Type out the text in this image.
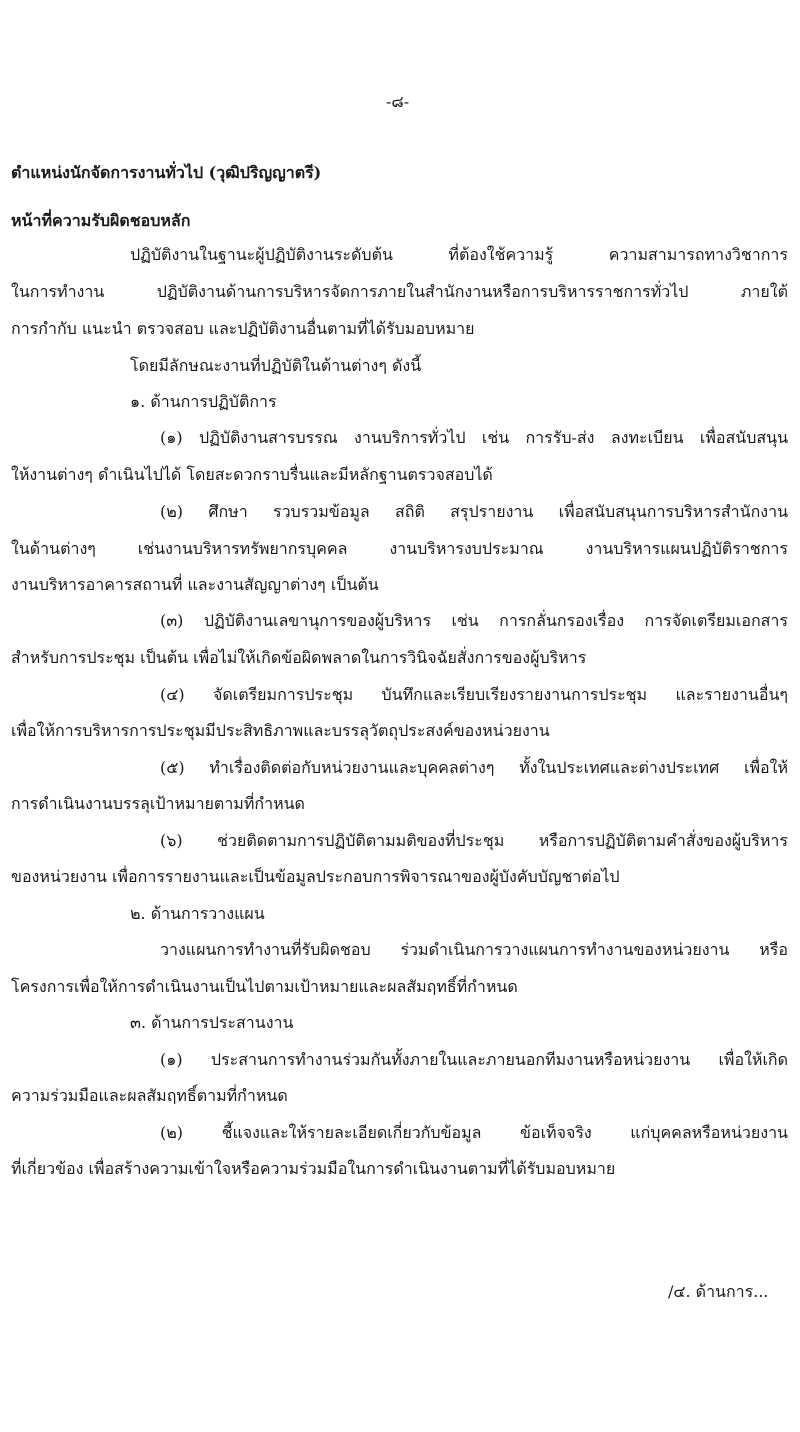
-๘-
ตำแหน่งนักจัดการงานทั่วไป (วุฒิปริญญาตรี)
หน้าที่ความรับผิดชอบหลัก
ปฏิบัติงานในฐานะผู้ปฏิบัติงานระดับต้น ที่ต้องใช้ความรู้ ความสามารถทางวิชาการ
ในการทำงาน ปฏิบัติงานด้านการบริหารจัดการภายในสำนักงานหรือการบริหารราชการทั่วไป ภายใต้
การกำกับ แนะนำ ตรวจสอบ และปฏิบัติงานอื่นตามที่ได้รับมอบหมาย
โดยมีลักษณะงานที่ปฏิบัติในด้านต่างๆ ดังนี้
๑. ด้านการปฏิบัติการ
(๑) ปฏิบัติงานสารบรรณ งานบริการทั่วไป เช่น การรับ-ส่ง ลงทะเบียน เพื่อสนับสนุน
ให้งานต่างๆ ดำเนินไปได้ โดยสะดวกราบรื่นและมีหลักฐานตรวจสอบได้
(๒) ศึกษา รวบรวมข้อมูล สถิติ สรุปรายงาน เพื่อสนับสนุนการบริหารสำนักงาน
ในด้านต่างๆ เช่นงานบริหารทรัพยากรบุคคล งานบริหารงบประมาณ งานบริหารแผนปฏิบัติราชการ
งานบริหารอาคารสถานที่ และงานสัญญาต่างๆ เป็นต้น
(๓) ปฏิบัติงานเลขานุการของผู้บริหาร เช่น การกลั่นกรองเรื่อง การจัดเตรียมเอกสาร
สำหรับการประชุม เป็นต้น เพื่อไม่ให้เกิดข้อผิดพลาดในการวินิจฉัยสั่งการของผู้บริหาร
(๔) จัดเตรียมการประชุม บันทึกและเรียบเรียงรายงานการประชุม และรายงานอื่นๆ
เพื่อให้การบริหารการประชุมมีประสิทธิภาพและบรรลุวัตถุประสงค์ของหน่วยงาน
(๕) ทำเรื่องติดต่อกับหน่วยงานและบุคคลต่างๆ ทั้งในประเทศและต่างประเทศ เพื่อให้
การดำเนินงานบรรลุเป้าหมายตามที่กำหนด
(๖) ช่วยติดตามการปฏิบัติตามมติของที่ประชุม หรือการปฏิบัติตามคำสั่งของผู้บริหาร
ของหน่วยงาน เพื่อการรายงานและเป็นข้อมูลประกอบการพิจารณาของผู้บังคับบัญชาต่อไป
๒. ด้านการวางแผน
วางแผนการทำงานที่รับผิดชอบ ร่วมดำเนินการวางแผนการทำงานของหน่วยงาน หรือ
โครงการเพื่อให้การดำเนินงานเป็นไปตามเป้าหมายและผลสัมฤทธิ์ที่กำหนด
๓. ด้านการประสานงาน
(๑) ประสานการทำงานร่วมกันทั้งภายในและภายนอกทีมงานหรือหน่วยงาน เพื่อให้เกิด
ความร่วมมือและผลสัมฤทธิ์ตามที่กำหนด
(๒) ชี้แจงและให้รายละเอียดเกี่ยวกับข้อมูล ข้อเท็จจริง แก่บุคคลหรือหน่วยงาน
ที่เกี่ยวข้อง เพื่อสร้างความเข้าใจหรือความร่วมมือในการดำเนินงานตามที่ได้รับมอบหมาย
/๔. ด้านการ...
